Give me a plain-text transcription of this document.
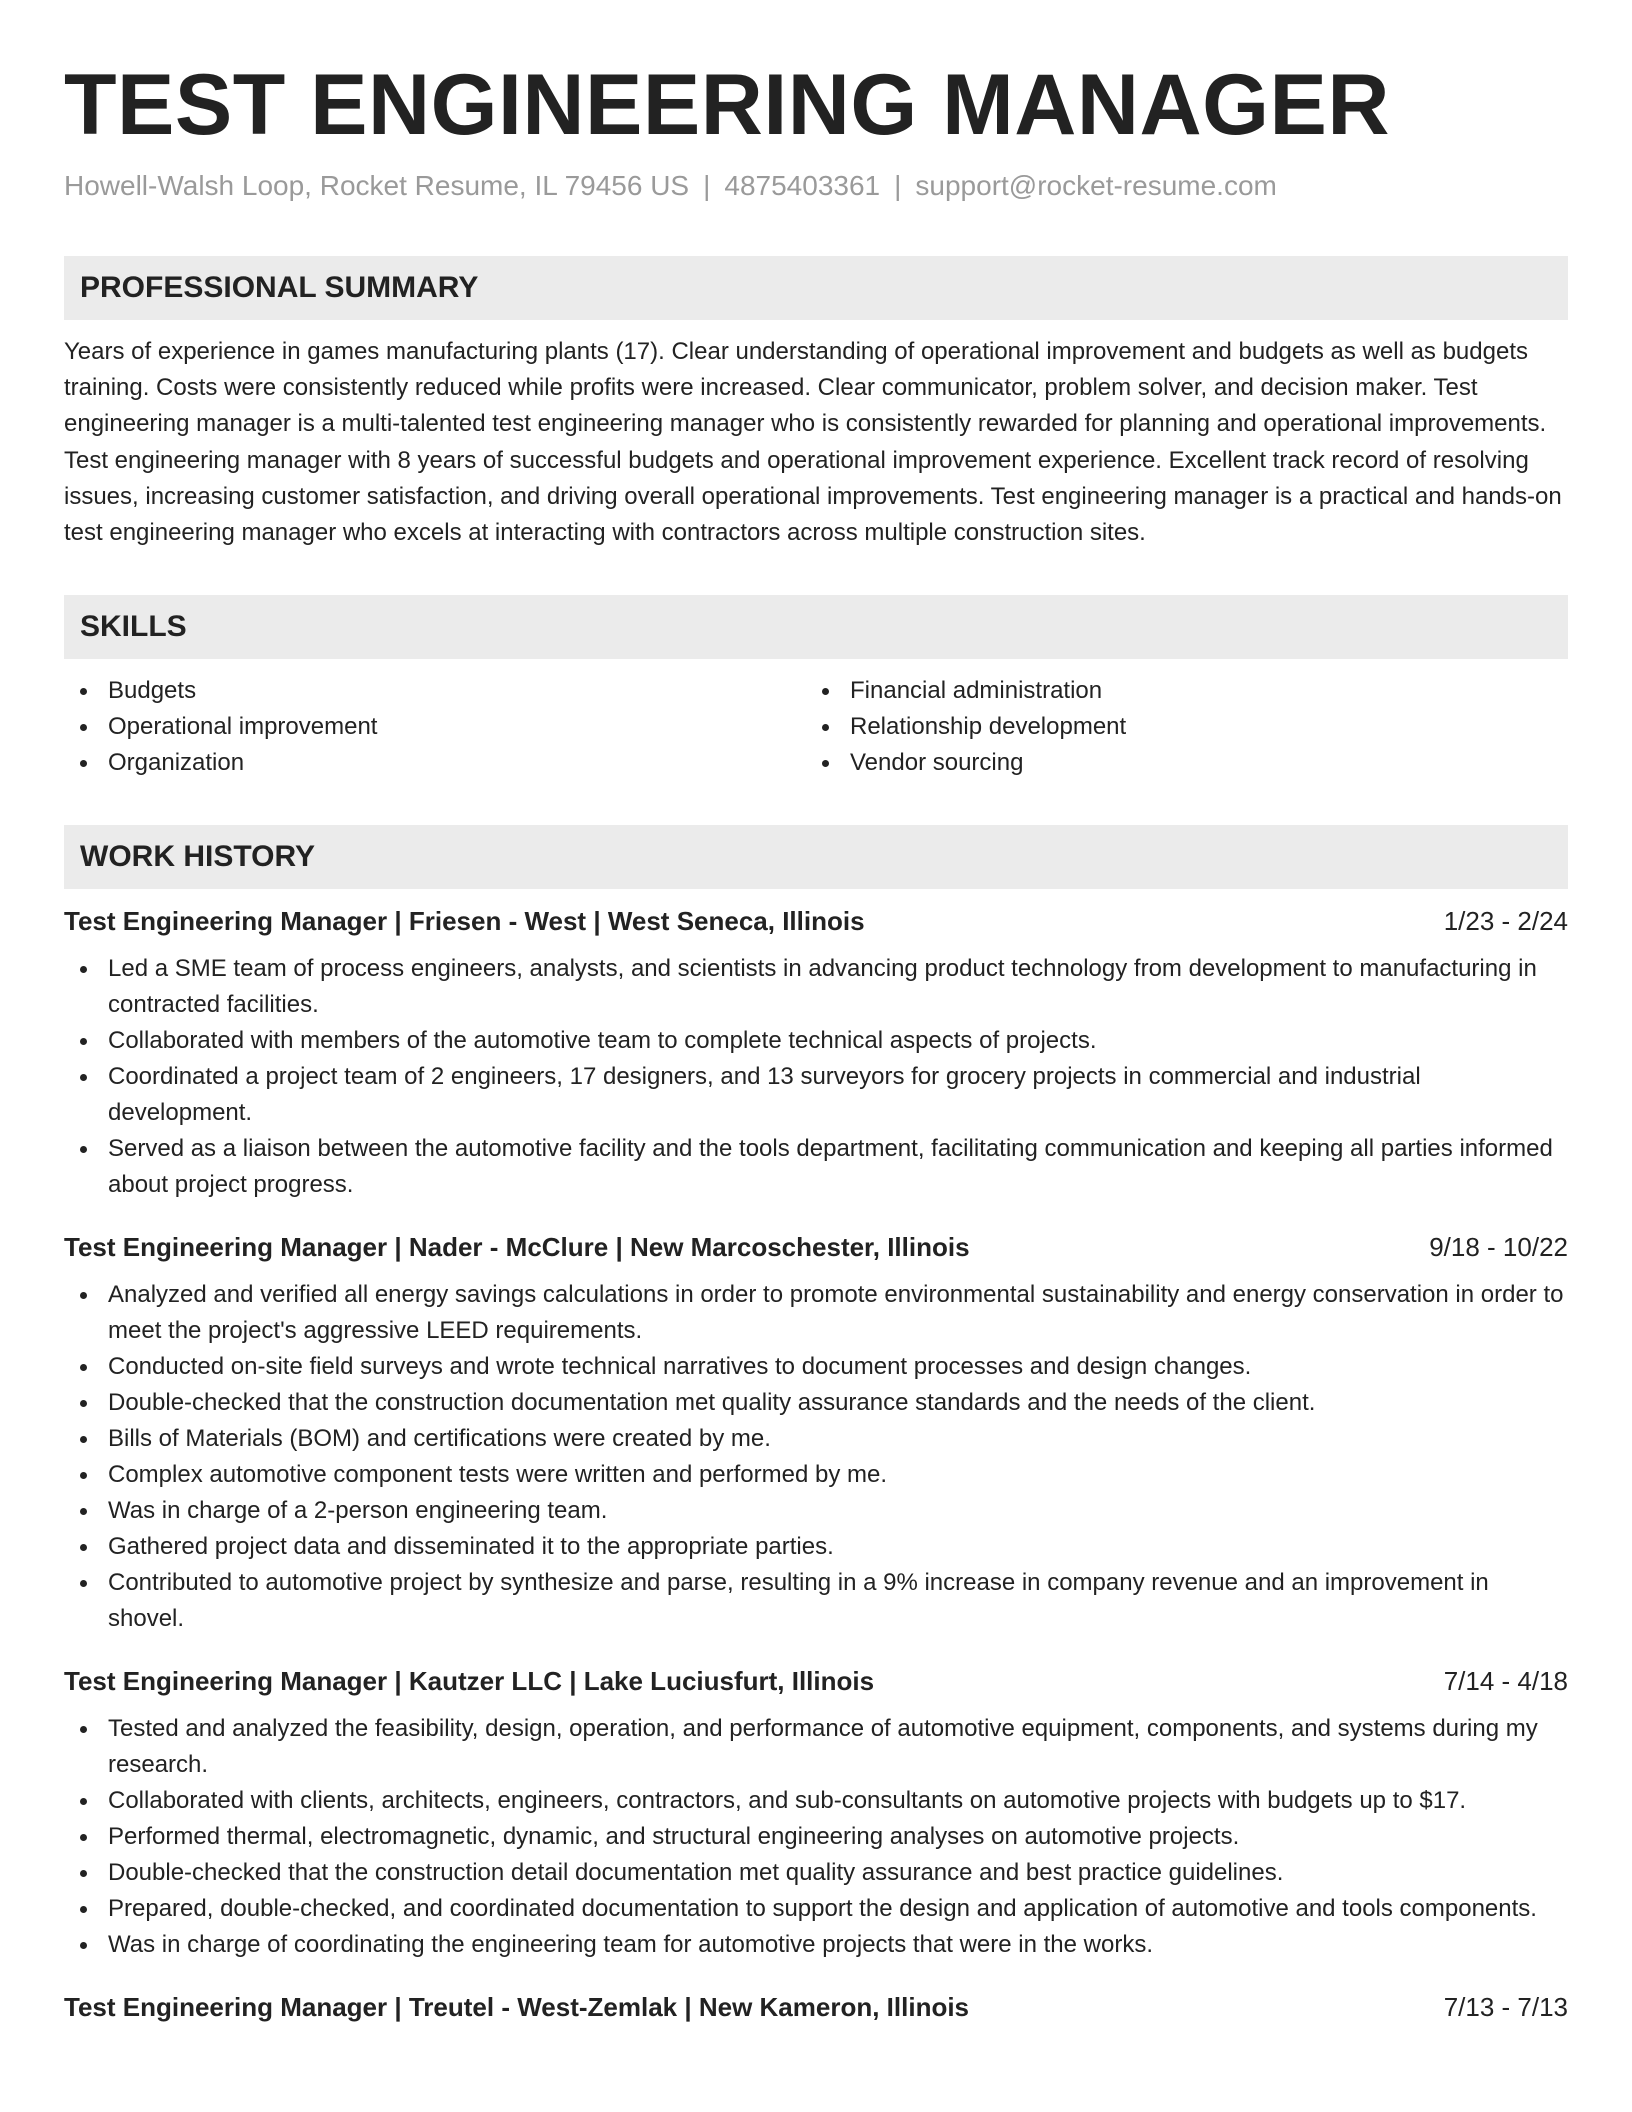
TEST ENGINEERING MANAGER
Howell-Walsh Loop, Rocket Resume, IL 79456 US | 4875403361 | support@rocket-resume.com
PROFESSIONAL SUMMARY
Years of experience in games manufacturing plants (17). Clear understanding of operational improvement and budgets as well as budgets training. Costs were consistently reduced while profits were increased. Clear communicator, problem solver, and decision maker. Test engineering manager is a multi-talented test engineering manager who is consistently rewarded for planning and operational improvements. Test engineering manager with 8 years of successful budgets and operational improvement experience. Excellent track record of resolving issues, increasing customer satisfaction, and driving overall operational improvements. Test engineering manager is a practical and hands-on test engineering manager who excels at interacting with contractors across multiple construction sites.
SKILLS
Budgets
Operational improvement
Organization
Financial administration
Relationship development
Vendor sourcing
WORK HISTORY
Test Engineering Manager | Friesen - West | West Seneca, Illinois	1/23 - 2/24
Led a SME team of process engineers, analysts, and scientists in advancing product technology from development to manufacturing in contracted facilities.
Collaborated with members of the automotive team to complete technical aspects of projects.
Coordinated a project team of 2 engineers, 17 designers, and 13 surveyors for grocery projects in commercial and industrial development.
Served as a liaison between the automotive facility and the tools department, facilitating communication and keeping all parties informed about project progress.
Test Engineering Manager | Nader - McClure | New Marcoschester, Illinois	9/18 - 10/22
Analyzed and verified all energy savings calculations in order to promote environmental sustainability and energy conservation in order to meet the project's aggressive LEED requirements.
Conducted on-site field surveys and wrote technical narratives to document processes and design changes.
Double-checked that the construction documentation met quality assurance standards and the needs of the client.
Bills of Materials (BOM) and certifications were created by me.
Complex automotive component tests were written and performed by me.
Was in charge of a 2-person engineering team.
Gathered project data and disseminated it to the appropriate parties.
Contributed to automotive project by synthesize and parse, resulting in a 9% increase in company revenue and an improvement in shovel.
Test Engineering Manager | Kautzer LLC | Lake Luciusfurt, Illinois	7/14 - 4/18
Tested and analyzed the feasibility, design, operation, and performance of automotive equipment, components, and systems during my research.
Collaborated with clients, architects, engineers, contractors, and sub-consultants on automotive projects with budgets up to $17.
Performed thermal, electromagnetic, dynamic, and structural engineering analyses on automotive projects.
Double-checked that the construction detail documentation met quality assurance and best practice guidelines.
Prepared, double-checked, and coordinated documentation to support the design and application of automotive and tools components.
Was in charge of coordinating the engineering team for automotive projects that were in the works.
Test Engineering Manager | Treutel - West-Zemlak | New Kameron, Illinois	7/13 - 7/13
